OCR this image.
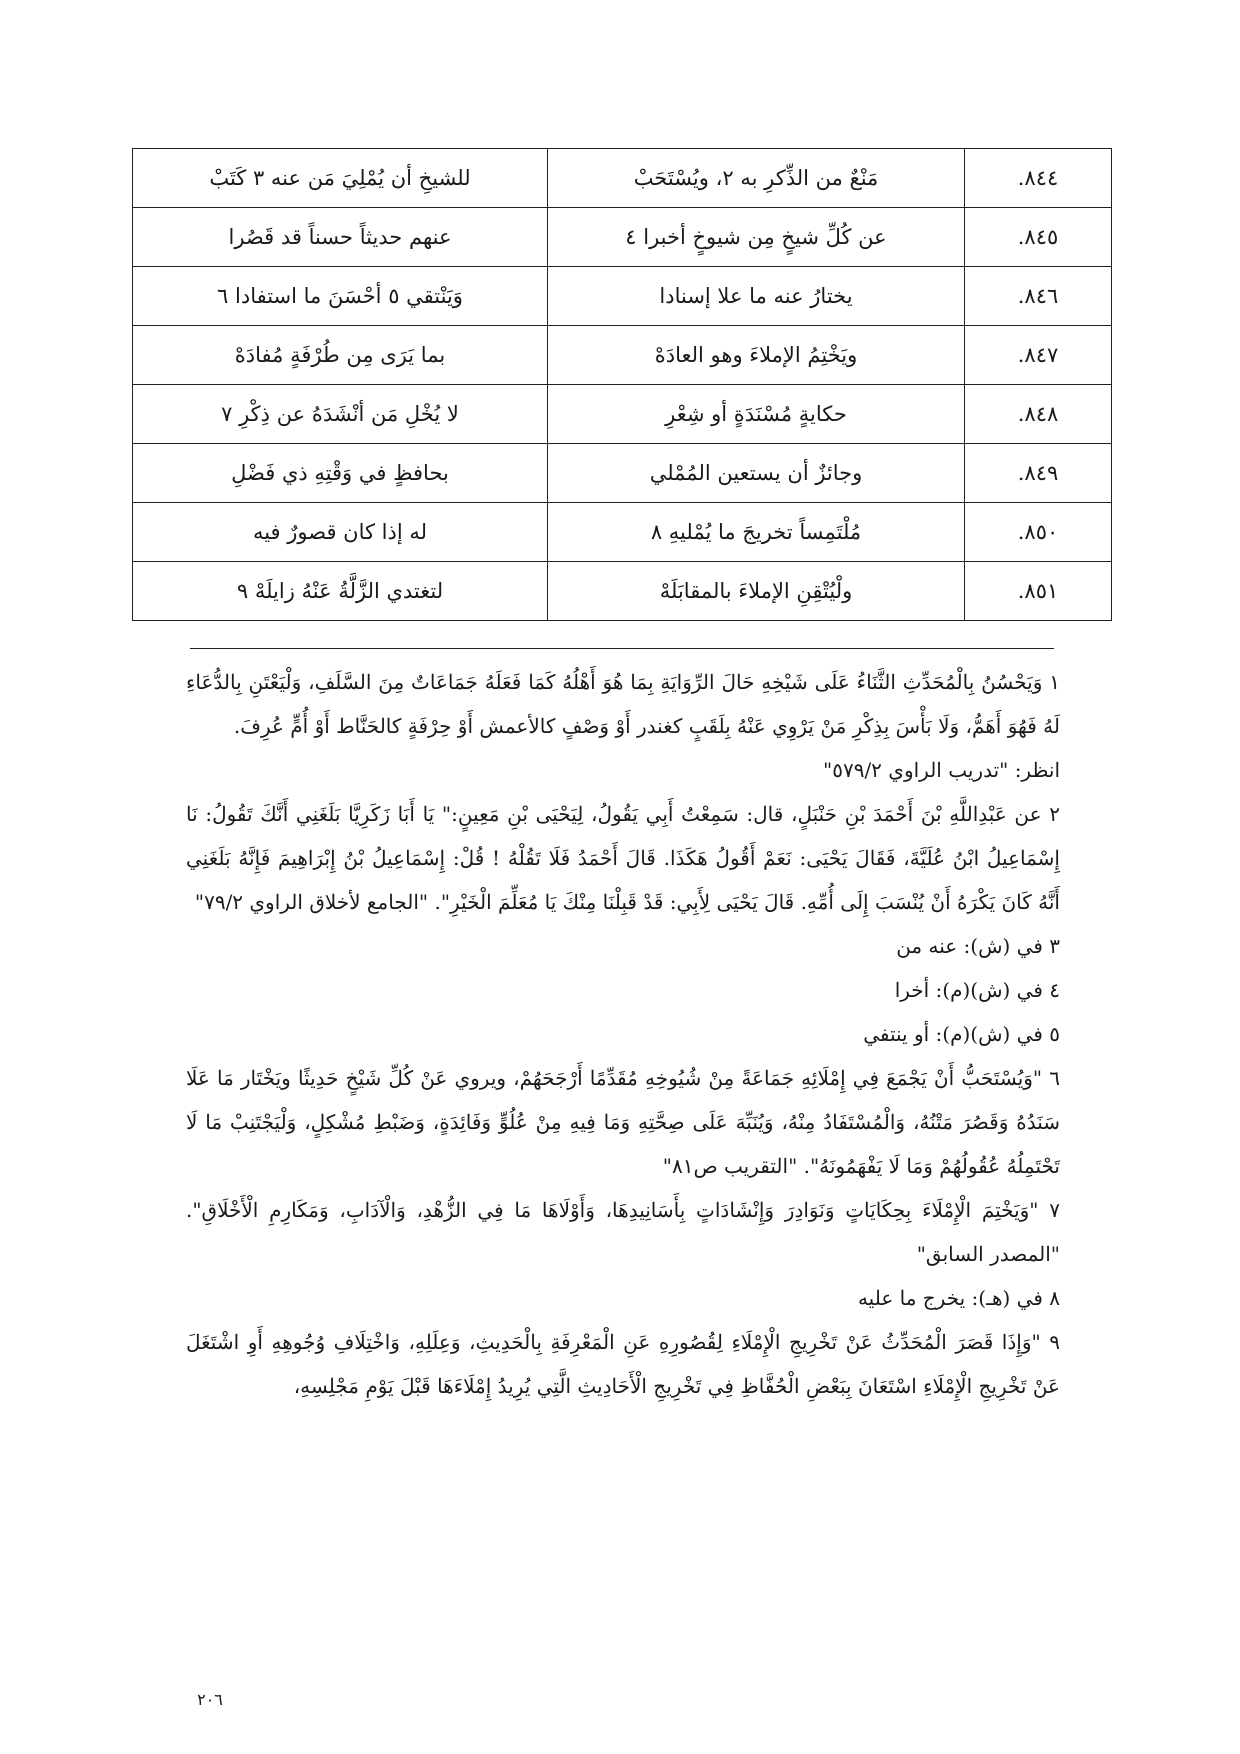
٨٤٤.	مَنْعٌ من الذِّكرِ به ٢، ويُسْتَحَبْ	للشيخِ أن يُمْلِيَ مَن عنه ٣ كَتَبْ
٨٤٥.	عن كُلِّ شيخٍ مِن شيوخٍ أخبرا ٤	عنهم حديثاً حسناً قد قَصُرا
٨٤٦.	يختارُ عنه ما علا إسنادا	وَيَنْتقي ٥ أحْسَنَ ما استفادا ٦
٨٤٧.	ويَخْتِمُ الإملاءَ وهو العادَهْ	بما يَرَى مِن طُرْفَةٍ مُفادَهْ
٨٤٨.	حكايةٍ مُسْنَدَةٍ أو شِعْرِ	لا يُخْلِ مَن أنْشَدَهُ عن ذِكْرِ ٧
٨٤٩.	وجائزٌ أن يستعين المُمْلي	بحافظٍ في وَقْتِهِ ذي فَضْلِ
٨٥٠.	مُلْتَمِساً تخريجَ ما يُمْليهِ ٨	له إذا كان قصورٌ فيه
٨٥١.	ولْيُتْقِنِ الإملاءَ بالمقابَلَهْ	لتغتدي الزَّلَّةُ عَنْهُ زايلَهْ ٩

١ وَيَحْسُنُ بِالْمُحَدِّثِ الثَّنَاءُ عَلَى شَيْخِهِ حَالَ الرِّوَايَةِ بِمَا هُوَ أَهْلُهُ كَمَا فَعَلَهُ جَمَاعَاتٌ مِنَ السَّلَفِ، وَلْيَعْتَنِ بِالدُّعَاءِ لَهُ فَهُوَ أَهَمُّ، وَلَا بَأْسَ بِذِكْرِ مَنْ يَرْوِي عَنْهُ بِلَقَبٍ كغندر أَوْ وَصْفٍ كالأعمش أَوْ حِرْفَةٍ كالحَنَّاط أَوْ أُمٍّ عُرِفَ.

انظر: "تدريب الراوي ٥٧٩/٢"

٢ عن عَبْدِاللَّهِ بْنَ أَحْمَدَ بْنِ حَنْبَلٍ، قال: سَمِعْتُ أَبِي يَقُولُ، لِيَحْيَى بْنِ مَعِينٍ:" يَا أَبَا زَكَرِيَّا بَلَغَنِي أَنَّكَ تَقُولُ: نَا إِسْمَاعِيلُ ابْنُ عُلَيَّةَ، فَقَالَ يَحْيَى: نَعَمْ أَقُولُ هَكَذَا. قَالَ أَحْمَدُ فَلَا تَقُلْهُ ! قُلْ: إِسْمَاعِيلُ بْنُ إِبْرَاهِيمَ فَإِنَّهُ بَلَغَنِي أَنَّهُ كَانَ يَكْرَهُ أَنْ يُنْسَبَ إِلَى أُمِّهِ. قَالَ يَحْيَى لِأَبِي: قَدْ قَبِلْنَا مِنْكَ يَا مُعَلِّمَ الْخَيْرِ". "الجامع لأخلاق الراوي ٧٩/٢"

٣ في (ش): عنه من

٤ في (ش)(م): أخرا

٥ في (ش)(م): أو ينتفي

٦ "وَيُسْتَحَبُّ أَنْ يَجْمَعَ فِي إِمْلَائِهِ جَمَاعَةً مِنْ شُيُوخِهِ مُقَدِّمًا أَرْجَحَهُمْ، ويروي عَنْ كُلِّ شَيْخٍ حَدِيثًا ويَخْتَار مَا عَلَا سَنَدُهُ وَقَصُرَ مَتْنُهُ، وَالْمُسْتَفَادُ مِنْهُ، وَيُنَبِّهَ عَلَى صِحَّتِهِ وَمَا فِيهِ مِنْ عُلُوٍّ وَفَائِدَةٍ، وَضَبْطِ مُشْكِلٍ، وَلْيَجْتَنِبْ مَا لَا تَحْتَمِلُهُ عُقُولُهُمْ وَمَا لَا يَفْهَمُونَهُ". "التقريب ص٨١"

٧ "وَيَخْتِمَ الْإِمْلَاءَ بِحِكَايَاتٍ وَنَوَادِرَ وَإِنْشَادَاتٍ بِأَسَانِيدِهَا، وَأَوْلَاهَا مَا فِي الزُّهْدِ، وَالْآدَابِ، وَمَكَارِمِ الْأَخْلَاقِ". "المصدر السابق"

٨ في (هـ): يخرج ما عليه

٩ "وَإِذَا قَصَرَ الْمُحَدِّثُ عَنْ تَخْرِيجِ الْإِمْلَاءِ لِقُصُورِهِ عَنِ الْمَعْرِفَةِ بِالْحَدِيثِ، وَعِلَلِهِ، وَاخْتِلَافِ وُجُوهِهِ أَوِ اشْتَغَلَ عَنْ تَخْرِيجِ الْإِمْلَاءِ اسْتَعَانَ بِبَعْضِ الْحُفَّاظِ فِي تَخْرِيجِ الْأَحَادِيثِ الَّتِي يُرِيدُ إِمْلَاءَهَا قَبْلَ يَوْمِ مَجْلِسِهِ،

٢٠٦
